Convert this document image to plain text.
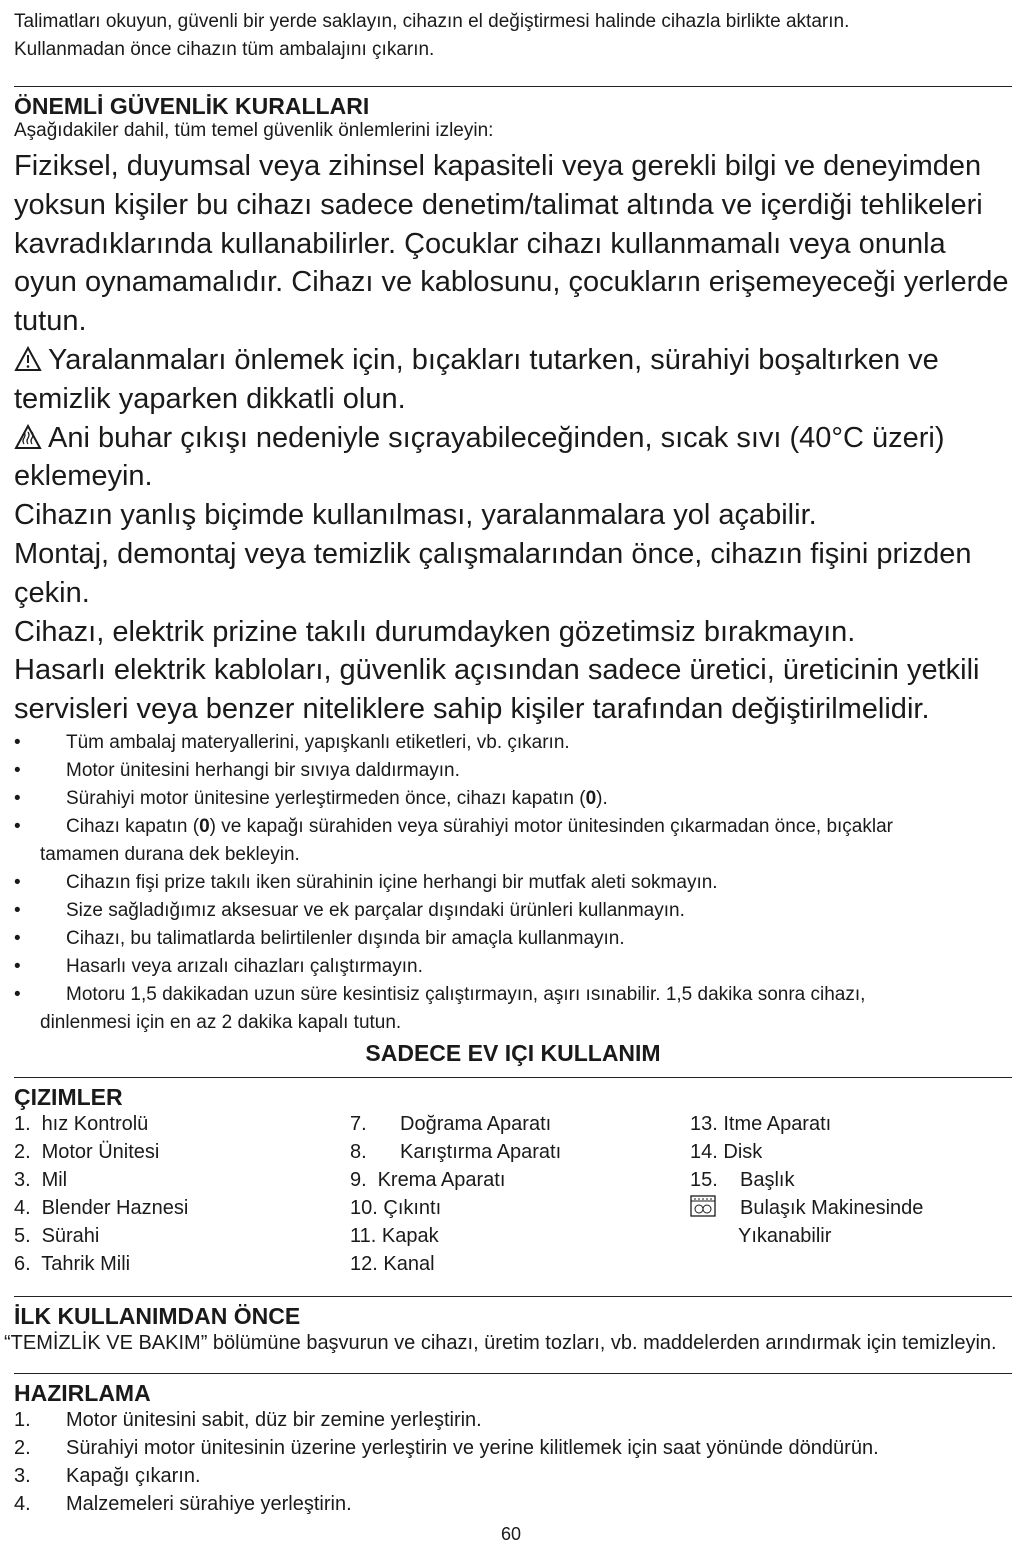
Talimatları okuyun, güvenli bir yerde saklayın, cihazın el değiştirmesi halinde cihazla birlikte aktarın.
Kullanmadan önce cihazın tüm ambalajını çıkarın.
ÖNEMLİ GÜVENLİK KURALLARI
Aşağıdakiler dahil, tüm temel güvenlik önlemlerini izleyin:
Fiziksel, duyumsal veya zihinsel kapasiteli veya gerekli bilgi ve deneyimden yoksun kişiler bu cihazı sadece denetim/talimat altında ve içerdiği tehlikeleri kavradıklarında kullanabilirler. Çocuklar cihazı kullanmamalı veya onunla oyun oynamamalıdır. Cihazı ve kablosunu, çocukların erişemeyeceği yerlerde tutun.
Yaralanmaları önlemek için, bıçakları tutarken, sürahiyi boşaltırken ve temizlik yaparken dikkatli olun.
Ani buhar çıkışı nedeniyle sıçrayabileceğinden, sıcak sıvı (40°C üzeri) eklemeyin.
Cihazın yanlış biçimde kullanılması, yaralanmalara yol açabilir.
Montaj, demontaj veya temizlik çalışmalarından önce, cihazın fişini prizden çekin.
Cihazı, elektrik prizine takılı durumdayken gözetimsiz bırakmayın.
Hasarlı elektrik kabloları, güvenlik açısından sadece üretici, üreticinin yetkili servisleri veya benzer niteliklere sahip kişiler tarafından değiştirilmelidir.
• Tüm ambalaj materyallerini, yapışkanlı etiketleri, vb. çıkarın.
• Motor ünitesini herhangi bir sıvıya daldırmayın.
• Sürahiyi motor ünitesine yerleştirmeden önce, cihazı kapatın (0).
• Cihazı kapatın (0) ve kapağı sürahiden veya sürahiyi motor ünitesinden çıkarmadan önce, bıçaklar
tamamen durana dek bekleyin.
• Cihazın fişi prize takılı iken sürahinin içine herhangi bir mutfak aleti sokmayın.
• Size sağladığımız aksesuar ve ek parçalar dışındaki ürünleri kullanmayın.
• Cihazı, bu talimatlarda belirtilenler dışında bir amaçla kullanmayın.
• Hasarlı veya arızalı cihazları çalıştırmayın.
• Motoru 1,5 dakikadan uzun süre kesintisiz çalıştırmayın, aşırı ısınabilir. 1,5 dakika sonra cihazı,
dinlenmesi için en az 2 dakika kapalı tutun.
SADECE EV IÇI KULLANIM
ÇIZIMLER
1. hız Kontrolü
2. Motor Ünitesi
3. Mil
4. Blender Haznesi
5. Sürahi
6. Tahrik Mili
7. Doğrama Aparatı
8. Karıştırma Aparatı
9. Krema Aparatı
10. Çıkıntı
11. Kapak
12. Kanal
13. Itme Aparatı
14. Disk
15. Başlık
Bulaşık Makinesinde
Yıkanabilir
İLK KULLANIMDAN ÖNCE
“TEMİZLİK VE BAKIM” bölümüne başvurun ve cihazı, üretim tozları, vb. maddelerden arındırmak için temizleyin.
HAZIRLAMA
1.	Motor ünitesini sabit, düz bir zemine yerleştirin.
2.	Sürahiyi motor ünitesinin üzerine yerleştirin ve yerine kilitlemek için saat yönünde döndürün.
3.	Kapağı çıkarın.
4.	Malzemeleri sürahiye yerleştirin.
60
